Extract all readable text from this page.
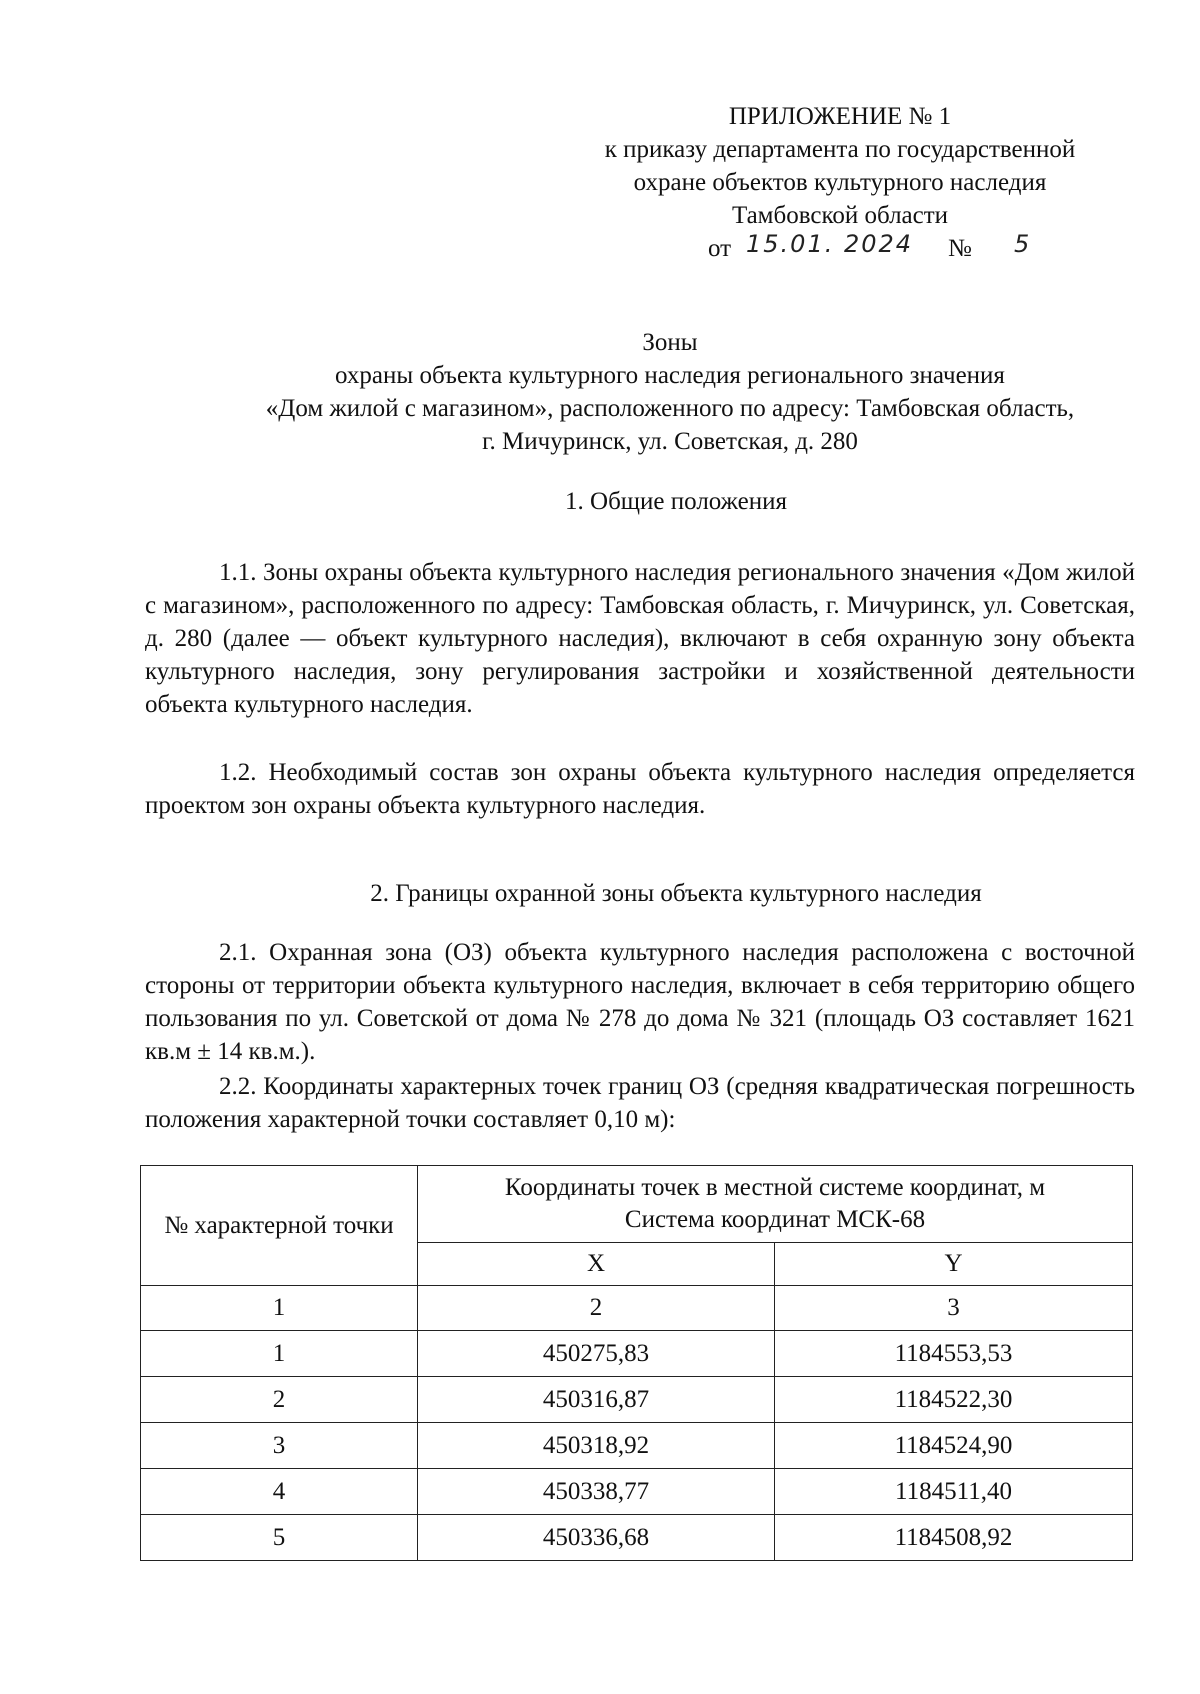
ПРИЛОЖЕНИЕ № 1
к приказу департамента по государственной
охране объектов культурного наследия
Тамбовской области
от 15.01. 2024 № 5
Зоны
охраны объекта культурного наследия регионального значения
«Дом жилой с магазином», расположенного по адресу: Тамбовская область,
г. Мичуринск, ул. Советская, д. 280
1. Общие положения
1.1. Зоны охраны объекта культурного наследия регионального значения «Дом жилой с магазином», расположенного по адресу: Тамбовская область, г. Мичуринск, ул. Советская, д. 280 (далее — объект культурного наследия), включают в себя охранную зону объекта культурного наследия, зону регулирования застройки и хозяйственной деятельности объекта культурного наследия.
1.2. Необходимый состав зон охраны объекта культурного наследия определяется проектом зон охраны объекта культурного наследия.
2. Границы охранной зоны объекта культурного наследия
2.1. Охранная зона (ОЗ) объекта культурного наследия расположена с восточной стороны от территории объекта культурного наследия, включает в себя территорию общего пользования по ул. Советской от дома № 278 до дома № 321 (площадь ОЗ составляет 1621 кв.м ± 14 кв.м.).
2.2. Координаты характерных точек границ ОЗ (средняя квадратическая погрешность положения характерной точки составляет 0,10 м):
№ характерной точки	Координаты точек в местной системе координат, м
Система координат МСК-68	

	X	Y
1	2	3
1	450275,83	1184553,53
2	450316,87	1184522,30
3	450318,92	1184524,90
4	450338,77	1184511,40
5	450336,68	1184508,92
